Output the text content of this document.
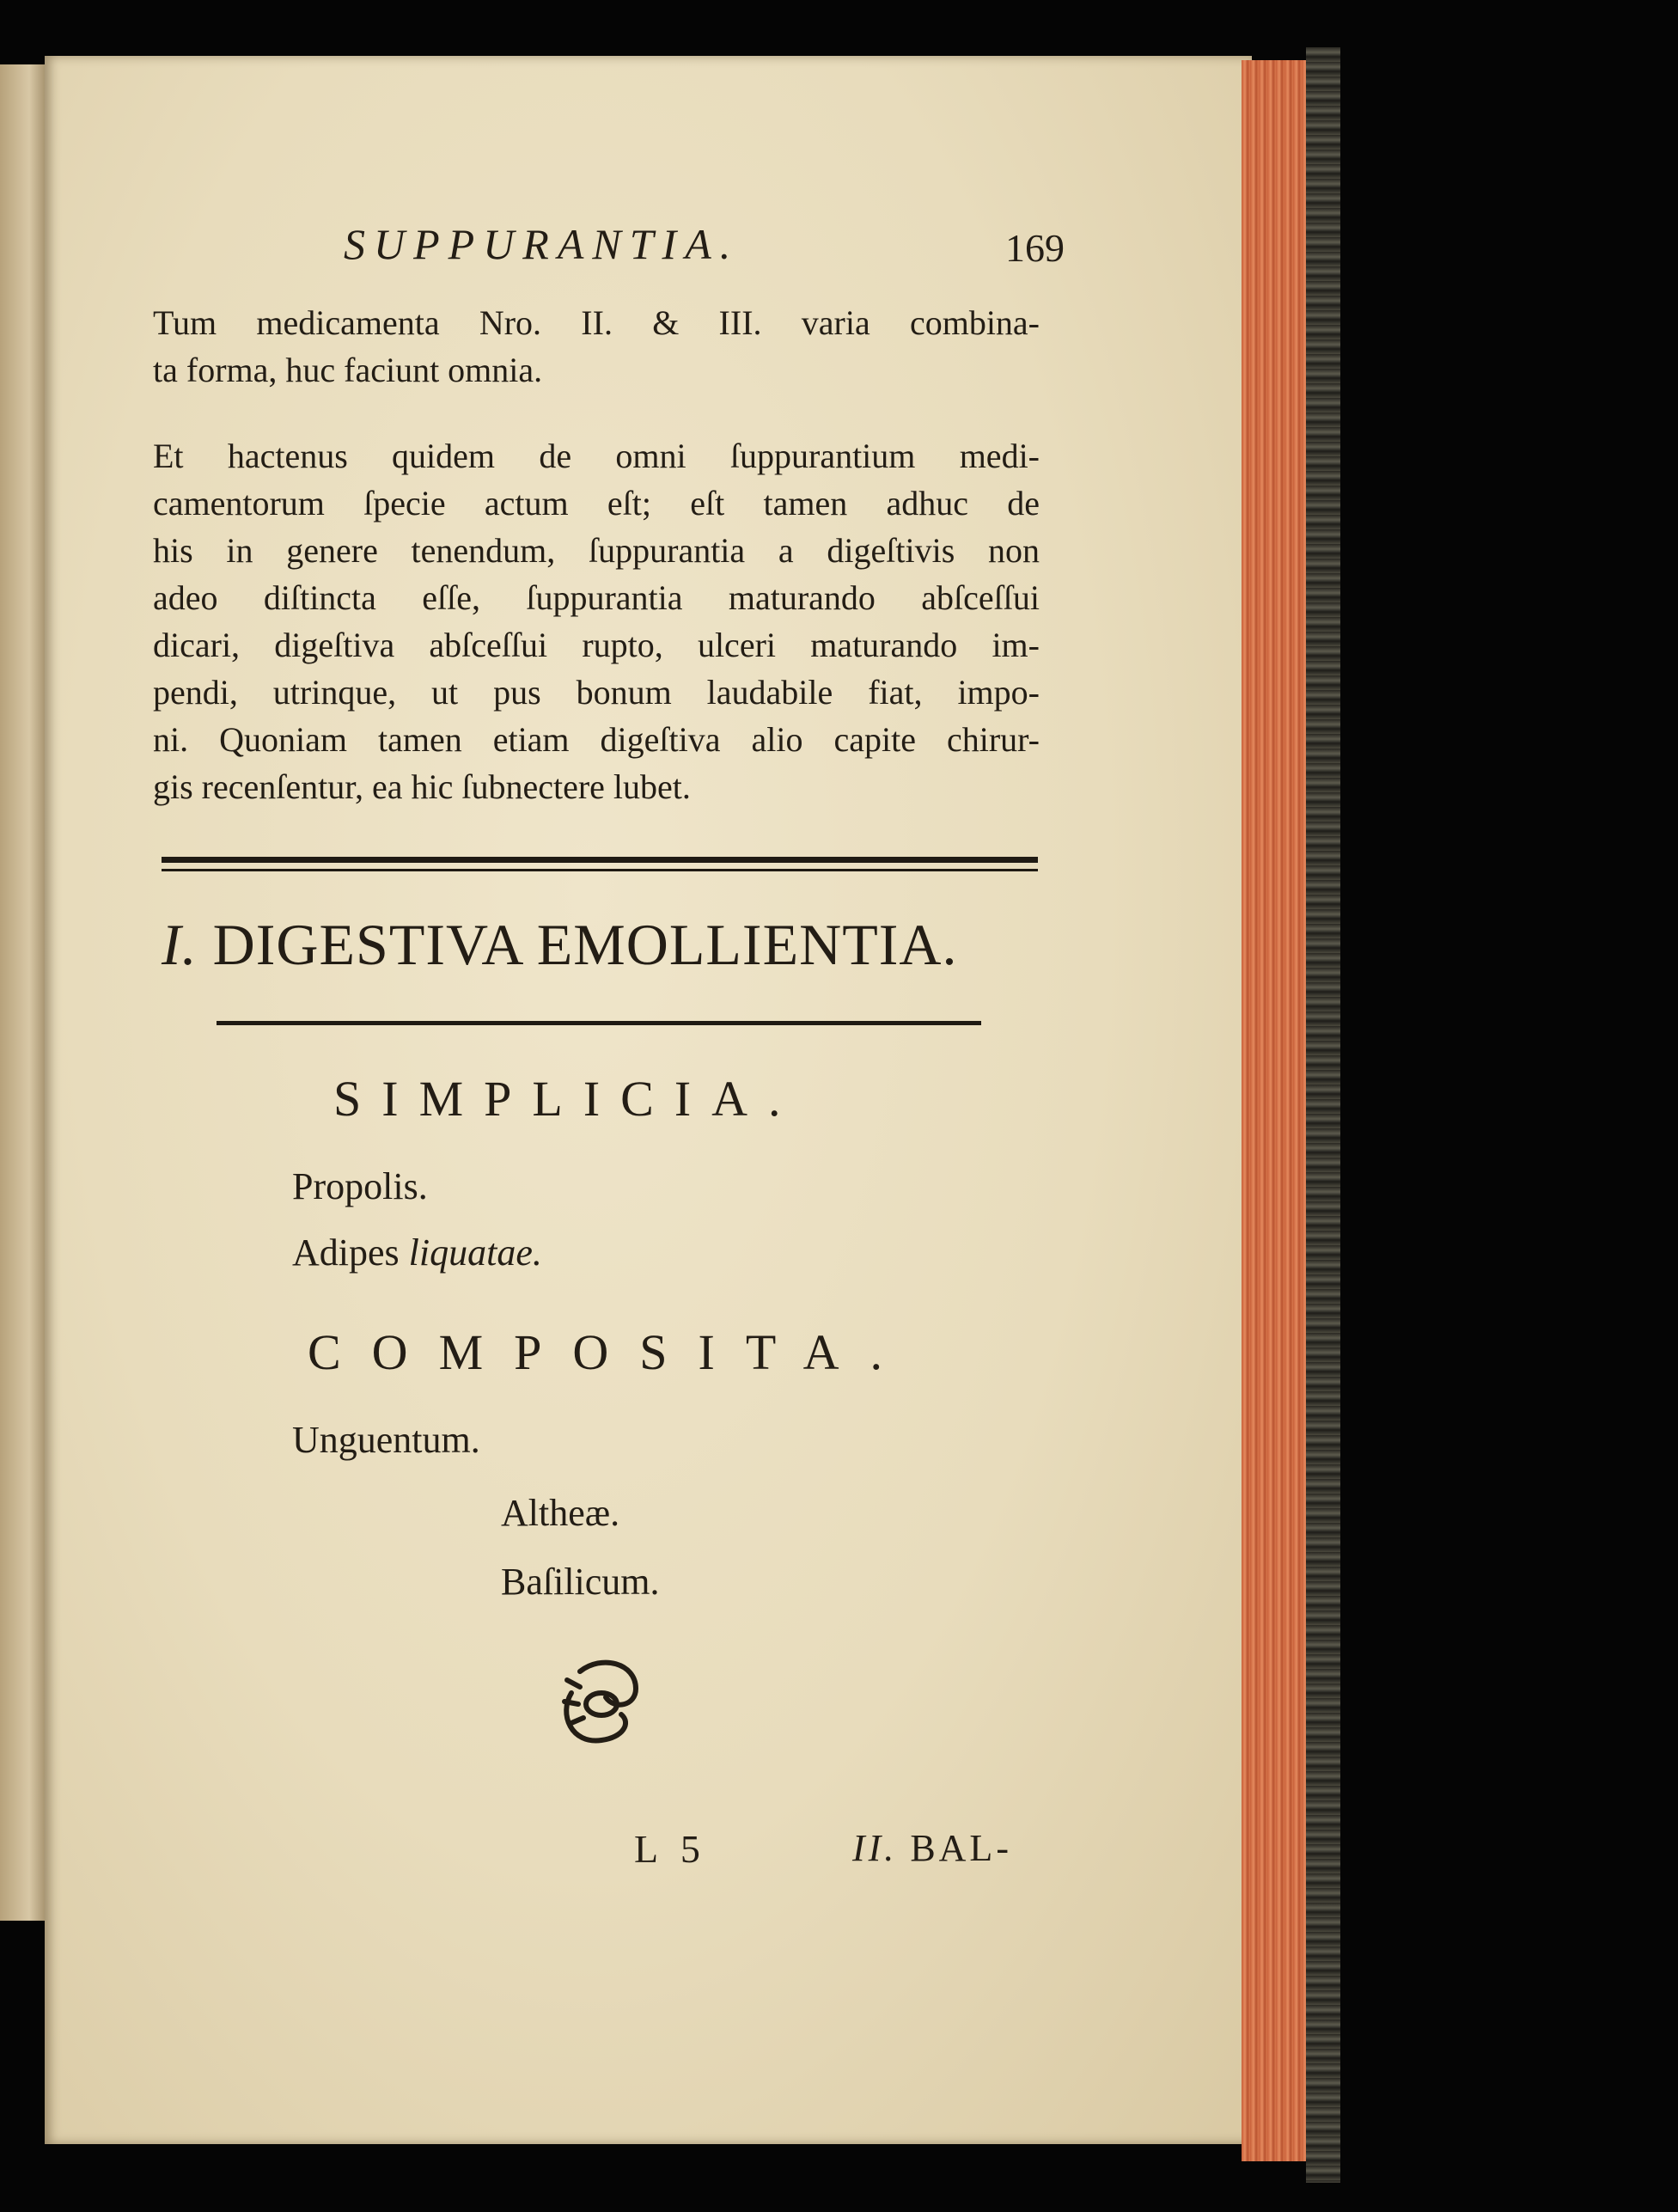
SUPPURANTIA.	169
Tum medicamenta Nro. II. & III. varia combina-
ta forma, huc faciunt omnia.
Et hactenus quidem de omni ſuppurantium medi-
camentorum ſpecie actum eſt; eſt tamen adhuc de
his in genere tenendum, ſuppurantia a digeſtivis non
adeo diſtincta eſſe, ſuppurantia maturando abſceſſui
dicari, digeſtiva abſceſſui rupto, ulceri maturando im-
pendi, utrinque, ut pus bonum laudabile fiat, impo-
ni. Quoniam tamen etiam digeſtiva alio capite chirur-
gis recenſentur, ea hic ſubnectere lubet.
I. DIGESTIVA EMOLLIENTIA.
SIMPLICIA.
Propolis.
Adipes liquatae.
COMPOSITA.
Unguentum.
Altheæ.
Baſilicum.
L 5	II. BAL-
